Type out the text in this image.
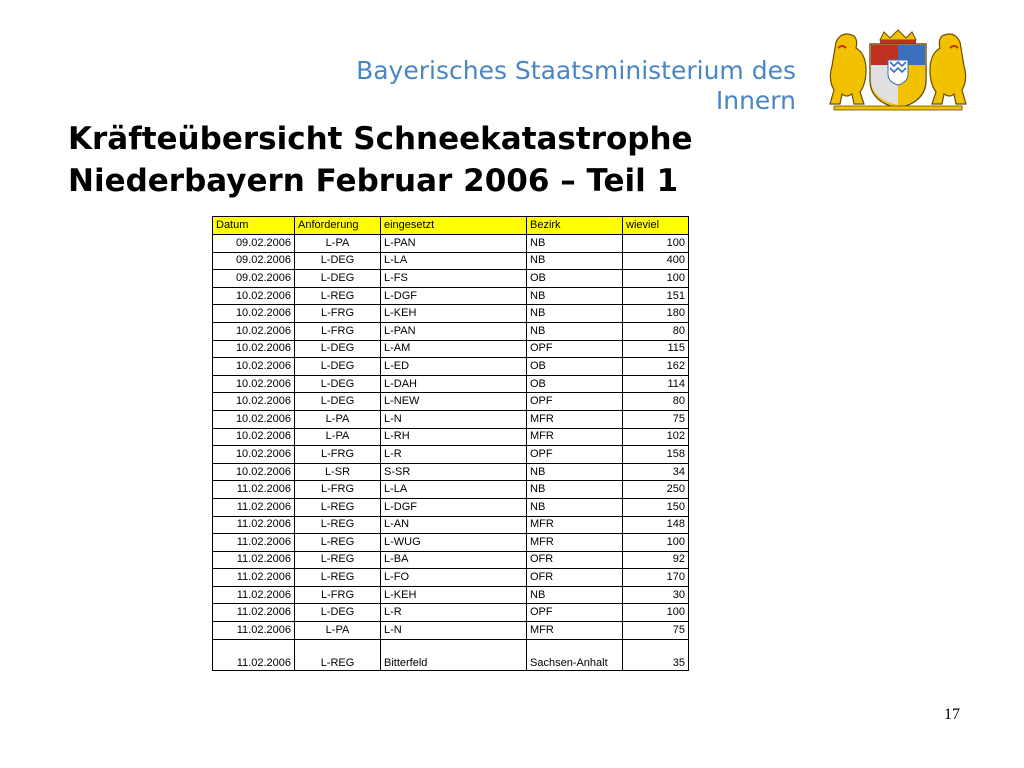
Bayerisches Staatsministerium des
Innern
Kräfteübersicht Schneekatastrophe
Niederbayern Februar 2006 – Teil 1
Datum	Anforderung	eingesetzt	Bezirk	wieviel
09.02.2006	L-PA	L-PAN	NB	100
09.02.2006	L-DEG	L-LA	NB	400
09.02.2006	L-DEG	L-FS	OB	100
10.02.2006	L-REG	L-DGF	NB	151
10.02.2006	L-FRG	L-KEH	NB	180
10.02.2006	L-FRG	L-PAN	NB	80
10.02.2006	L-DEG	L-AM	OPF	115
10.02.2006	L-DEG	L-ED	OB	162
10.02.2006	L-DEG	L-DAH	OB	114
10.02.2006	L-DEG	L-NEW	OPF	80
10.02.2006	L-PA	L-N	MFR	75
10.02.2006	L-PA	L-RH	MFR	102
10.02.2006	L-FRG	L-R	OPF	158
10.02.2006	L-SR	S-SR	NB	34
11.02.2006	L-FRG	L-LA	NB	250
11.02.2006	L-REG	L-DGF	NB	150
11.02.2006	L-REG	L-AN	MFR	148
11.02.2006	L-REG	L-WUG	MFR	100
11.02.2006	L-REG	L-BA	OFR	92
11.02.2006	L-REG	L-FO	OFR	170
11.02.2006	L-FRG	L-KEH	NB	30
11.02.2006	L-DEG	L-R	OPF	100
11.02.2006	L-PA	L-N	MFR	75
11.02.2006	L-REG	Bitterfeld	Sachsen-Anhalt	35
17
